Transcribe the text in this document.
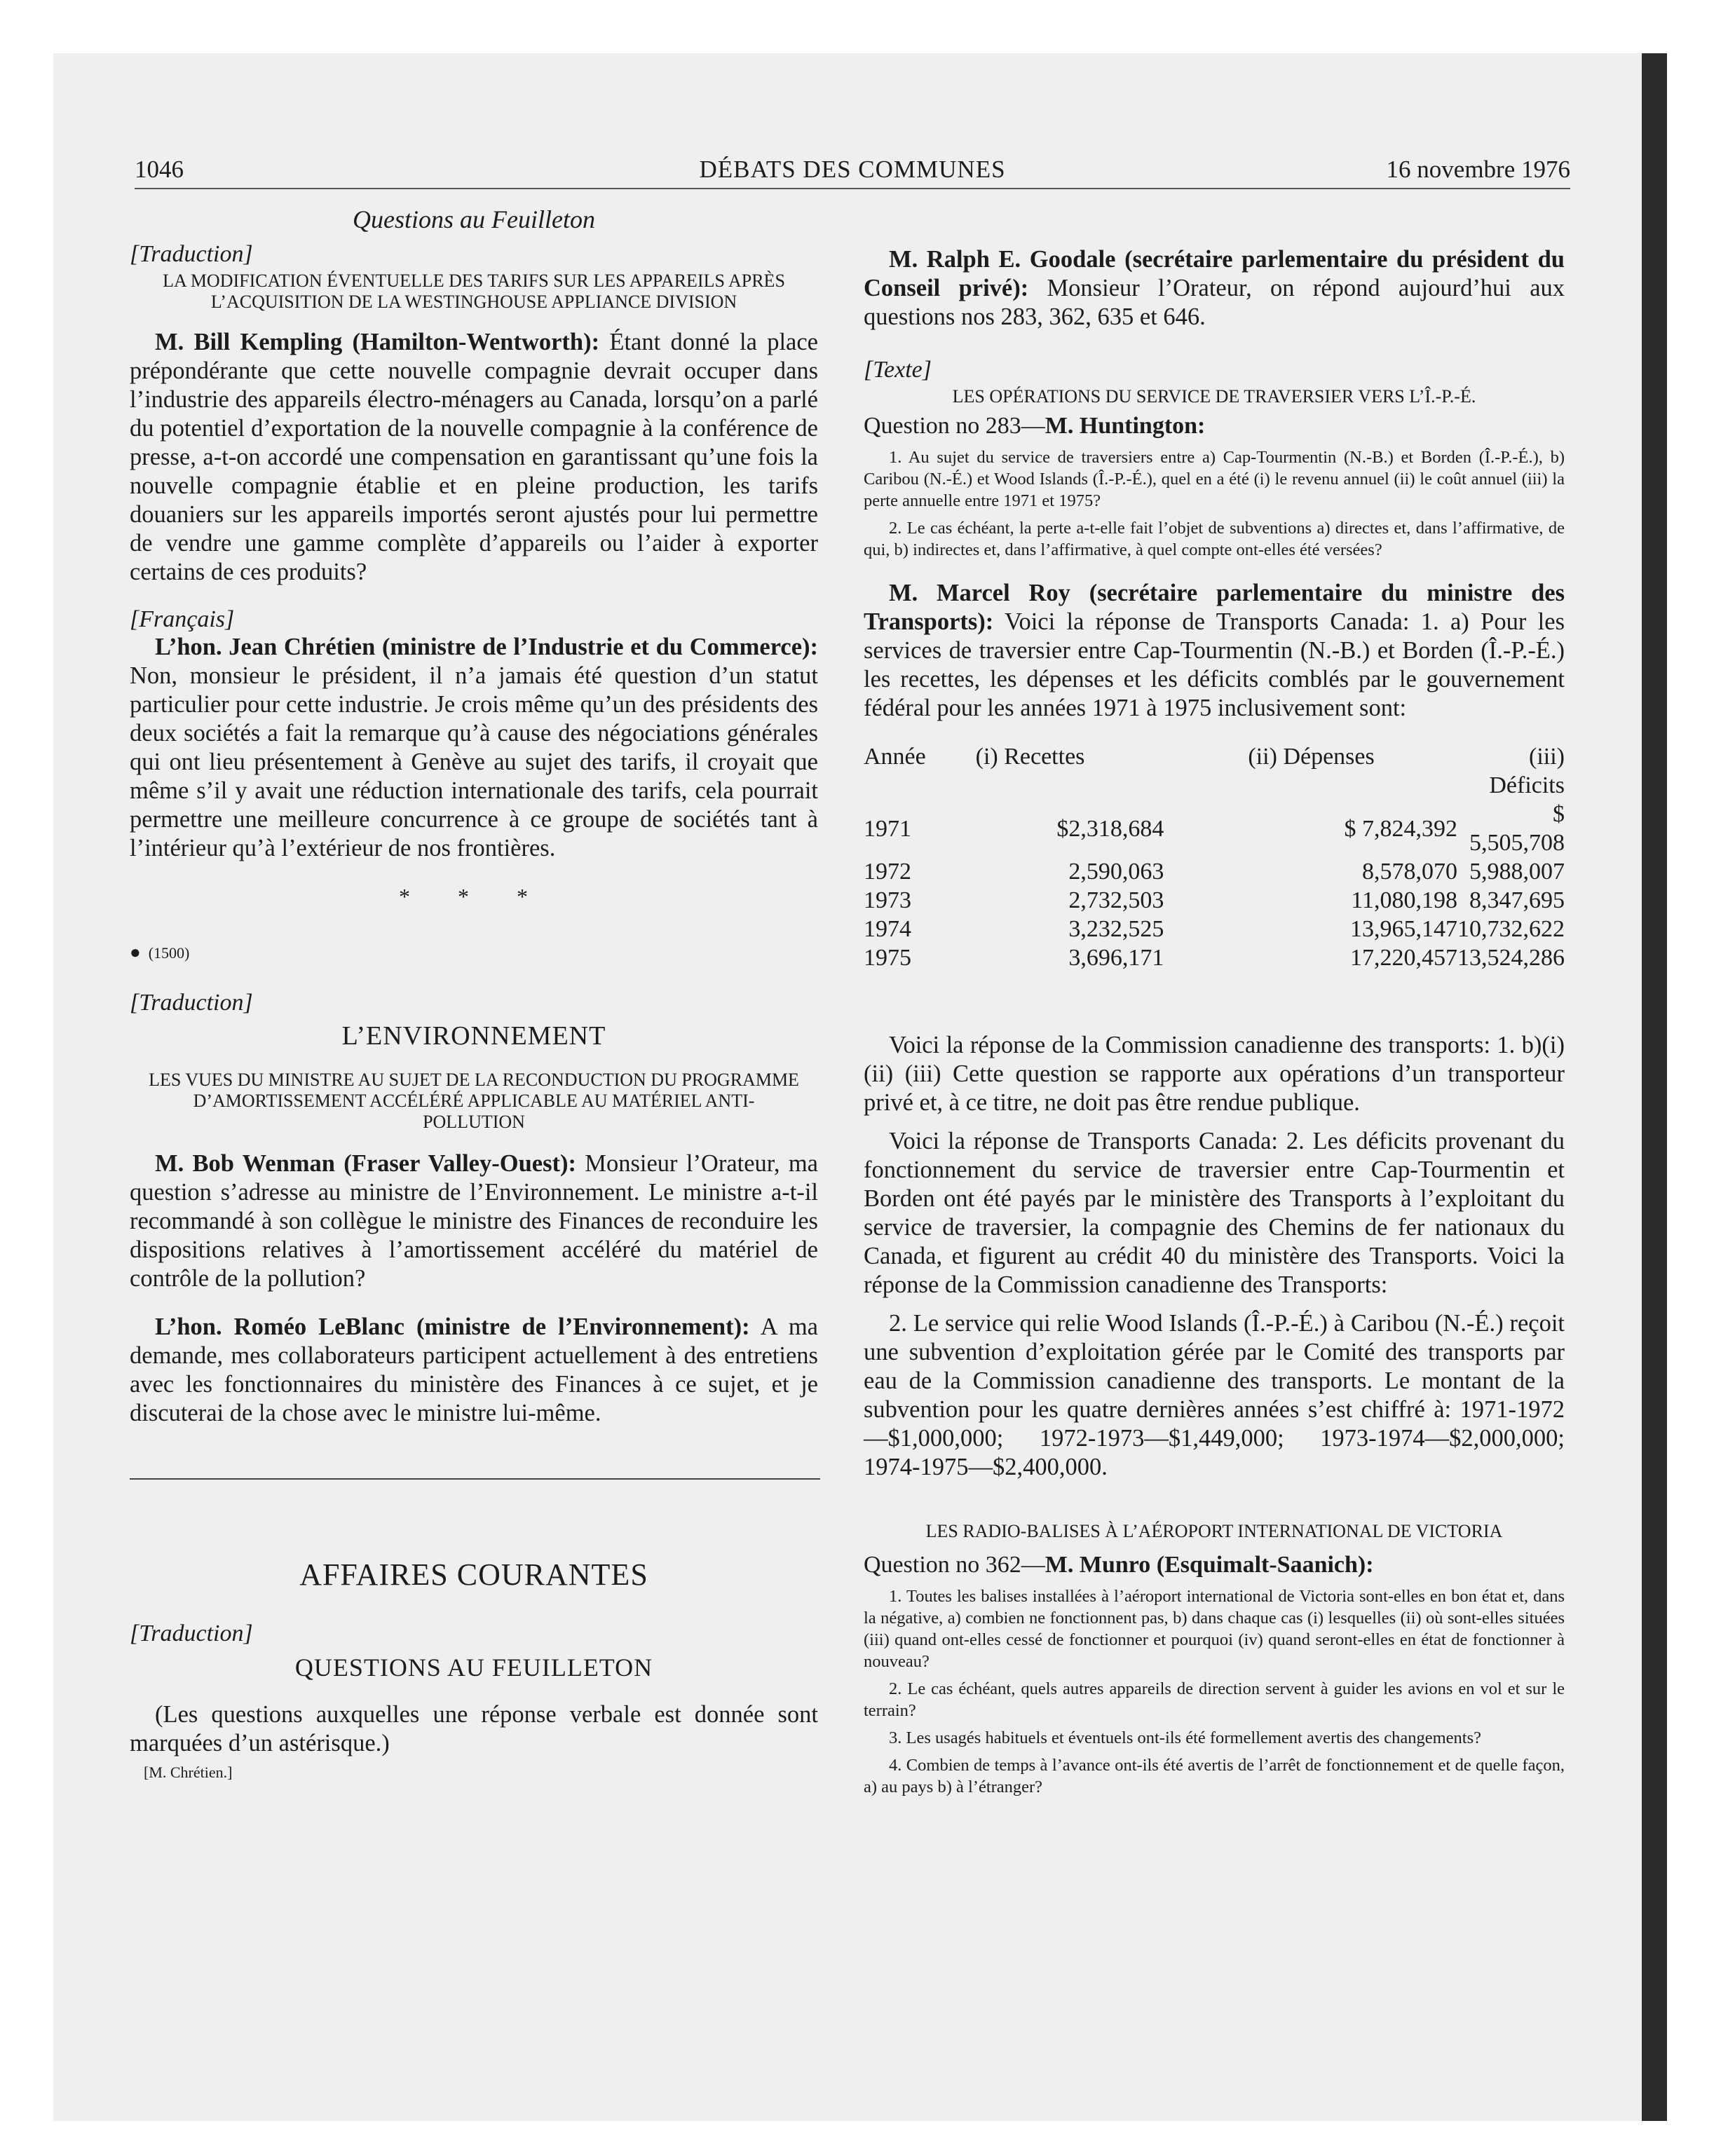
1046	DÉBATS DES COMMUNES	16 novembre 1976
Questions au Feuilleton
[Traduction]
LA MODIFICATION ÉVENTUELLE DES TARIFS SUR LES APPAREILS APRÈS L’ACQUISITION DE LA WESTINGHOUSE APPLIANCE DIVISION

M. Bill Kempling (Hamilton-Wentworth): Étant donné la place prépondérante que cette nouvelle compagnie devrait occuper dans l’industrie des appareils électro-ménagers au Canada, lorsqu’on a parlé du potentiel d’exportation de la nouvelle compagnie à la conférence de presse, a-t-on accordé une compensation en garantissant qu’une fois la nouvelle compagnie établie et en pleine production, les tarifs douaniers sur les appareils importés seront ajustés pour lui permettre de vendre une gamme complète d’appareils ou l’aider à exporter certains de ces produits?

[Français]

L’hon. Jean Chrétien (ministre de l’Industrie et du Commerce): Non, monsieur le président, il n’a jamais été question d’un statut particulier pour cette industrie. Je crois même qu’un des présidents des deux sociétés a fait la remarque qu’à cause des négociations générales qui ont lieu présentement à Genève au sujet des tarifs, il croyait que même s’il y avait une réduction internationale des tarifs, cela pourrait permettre une meilleure concurrence à ce groupe de sociétés tant à l’intérieur qu’à l’extérieur de nos frontières.

* * *
● (1500)
[Traduction]
L’ENVIRONNEMENT
LES VUES DU MINISTRE AU SUJET DE LA RECONDUCTION DU PROGRAMME D’AMORTISSEMENT ACCÉLÉRÉ APPLICABLE AU MATÉRIEL ANTI-POLLUTION

M. Bob Wenman (Fraser Valley-Ouest): Monsieur l’Orateur, ma question s’adresse au ministre de l’Environnement. Le ministre a-t-il recommandé à son collègue le ministre des Finances de reconduire les dispositions relatives à l’amortissement accéléré du matériel de contrôle de la pollution?

L’hon. Roméo LeBlanc (ministre de l’Environnement): A ma demande, mes collaborateurs participent actuellement à des entretiens avec les fonctionnaires du ministère des Finances à ce sujet, et je discuterai de la chose avec le ministre lui-même.

AFFAIRES COURANTES
[Traduction]
QUESTIONS AU FEUILLETON

(Les questions auxquelles une réponse verbale est donnée sont marquées d’un astérisque.)

[M. Chrétien.]

M. Ralph E. Goodale (secrétaire parlementaire du président du Conseil privé): Monsieur l’Orateur, on répond aujourd’hui aux questions nos 283, 362, 635 et 646.

[Texte]
LES OPÉRATIONS DU SERVICE DE TRAVERSIER VERS L’Î.-P.-É.
Question no 283—M. Huntington:

1. Au sujet du service de traversiers entre a) Cap-Tourmentin (N.-B.) et Borden (Î.-P.-É.), b) Caribou (N.-É.) et Wood Islands (Î.-P.-É.), quel en a été (i) le revenu annuel (ii) le coût annuel (iii) la perte annuelle entre 1971 et 1975?

2. Le cas échéant, la perte a-t-elle fait l’objet de subventions a) directes et, dans l’affirmative, de qui, b) indirectes et, dans l’affirmative, à quel compte ont-elles été versées?

M. Marcel Roy (secrétaire parlementaire du ministre des Transports): Voici la réponse de Transports Canada: 1. a) Pour les services de traversier entre Cap-Tourmentin (N.-B.) et Borden (Î.-P.-É.) les recettes, les dépenses et les déficits comblés par le gouvernement fédéral pour les années 1971 à 1975 inclusivement sont:

Année	(i) Recettes	(ii) Dépenses	(iii) Déficits
1971	$2,318,684	$ 7,824,392	$ 5,505,708
1972	2,590,063	8,578,070	5,988,007
1973	2,732,503	11,080,198	8,347,695
1974	3,232,525	13,965,147	10,732,622
1975	3,696,171	17,220,457	13,524,286

Voici la réponse de la Commission canadienne des transports: 1. b)(i) (ii) (iii) Cette question se rapporte aux opérations d’un transporteur privé et, à ce titre, ne doit pas être rendue publique.

Voici la réponse de Transports Canada: 2. Les déficits provenant du fonctionnement du service de traversier entre Cap-Tourmentin et Borden ont été payés par le ministère des Transports à l’exploitant du service de traversier, la compagnie des Chemins de fer nationaux du Canada, et figurent au crédit 40 du ministère des Transports. Voici la réponse de la Commission canadienne des Transports:

2. Le service qui relie Wood Islands (Î.-P.-É.) à Caribou (N.-É.) reçoit une subvention d’exploitation gérée par le Comité des transports par eau de la Commission canadienne des transports. Le montant de la subvention pour les quatre dernières années s’est chiffré à: 1971-1972—$1,000,000; 1972-1973—$1,449,000; 1973-1974—$2,000,000; 1974-1975—$2,400,000.

LES RADIO-BALISES À L’AÉROPORT INTERNATIONAL DE VICTORIA
Question no 362—M. Munro (Esquimalt-Saanich):

1. Toutes les balises installées à l’aéroport international de Victoria sont-elles en bon état et, dans la négative, a) combien ne fonctionnent pas, b) dans chaque cas (i) lesquelles (ii) où sont-elles situées (iii) quand ont-elles cessé de fonctionner et pourquoi (iv) quand seront-elles en état de fonctionner à nouveau?

2. Le cas échéant, quels autres appareils de direction servent à guider les avions en vol et sur le terrain?

3. Les usagés habituels et éventuels ont-ils été formellement avertis des changements?

4. Combien de temps à l’avance ont-ils été avertis de l’arrêt de fonctionnement et de quelle façon, a) au pays b) à l’étranger?
